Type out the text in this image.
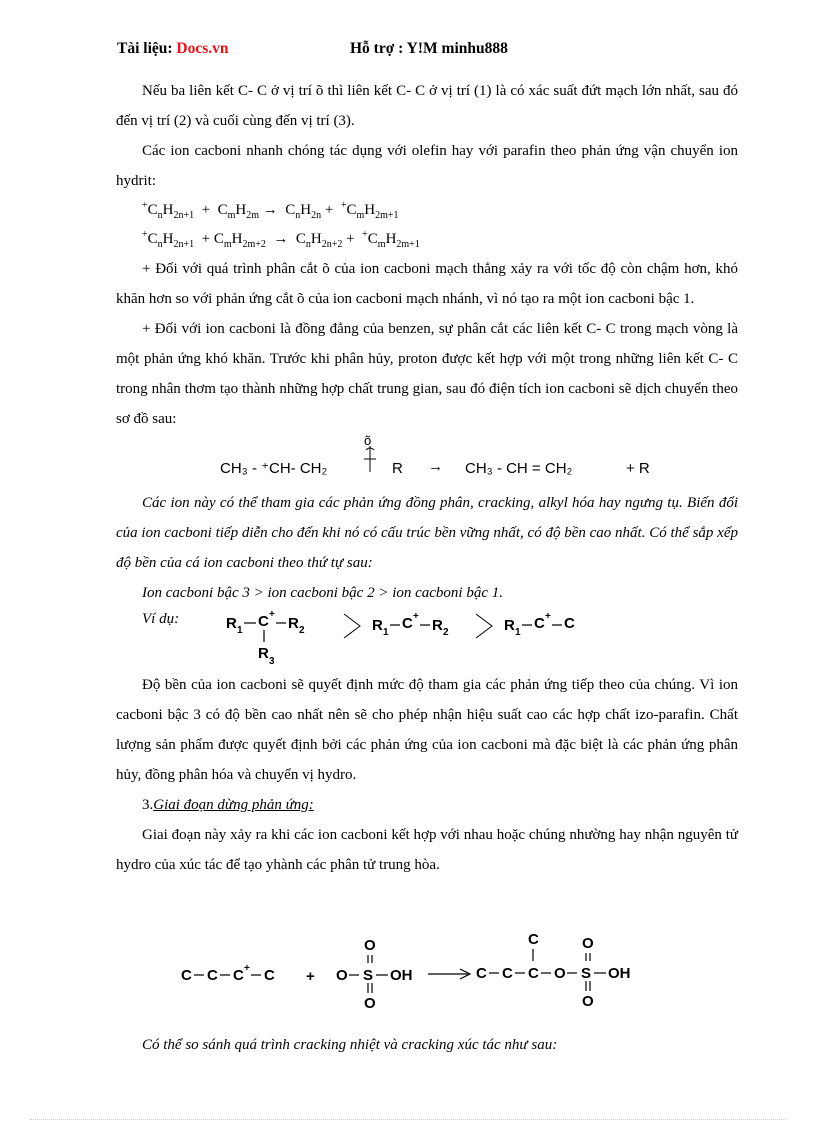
Tài liệu: Docs.vn	Hỗ trợ : Y!M minhu888

Nếu ba liên kết C- C ở vị trí õ thì liên kết C- C ở vị trí (1) là có xác suất đứt mạch lớn nhất, sau đó đến vị trí (2) và cuối cùng đến vị trí (3).

Các ion cacboni nhanh chóng tác dụng với olefin hay với parafin theo phản ứng vận chuyển ion hydrit:

$^+C_nH_{2n+1} + C_mH_{2m} \to C_nH_{2n} + ^+C_mH_{2m+1}$
$^+C_nH_{2n+1} + C_mH_{2m+2} \to C_nH_{2n+2} + ^+C_mH_{2m+1}$

+ Đối với quá trình phân cắt õ của ion cacboni mạch thẳng xảy ra với tốc độ còn chậm hơn, khó khăn hơn so với phản ứng cắt õ của ion cacboni mạch nhánh, vì nó tạo ra một ion cacboni bậc 1.

+ Đối với ion cacboni là đồng đẳng của benzen, sự phân cắt các liên kết C- C trong mạch vòng là một phản ứng khó khăn. Trước khi phân hủy, proton được kết hợp với một trong những liên kết C- C trong nhân thơm tạo thành những hợp chất trung gian, sau đó điện tích ion cacboni sẽ dịch chuyển theo sơ đồ sau:

CH₃ - ⁺CH- CH₂
õ
R → CH₃ - CH = CH₂	+ R

Các ion này có thể tham gia các phản ứng đồng phân, cracking, alkyl hóa hay ngưng tụ. Biến đổi của ion cacboni tiếp diễn cho đến khi nó có cấu trúc bền vững nhất, có độ bền cao nhất. Có thể sắp xếp độ bền của cá ion cacboni theo thứ tự sau:

Ion cacboni bậc 3 > ion cacboni bậc 2 > ion cacboni bậc 1.

Ví dụ:	R 1
C +
R 2
R 3
R 1
C +
R 2	R 1
C + C

Độ bền của ion cacboni sẽ quyết định mức độ tham gia các phản ứng tiếp theo của chúng. Vì ion cacboni bậc 3 có độ bền cao nhất nên sẽ cho phép nhận hiệu suất cao các hợp chất izo-parafin. Chất lượng sản phẩm được quyết định bởi các phản ứng của ion cacboni mà đặc biệt là các phản ứng phân hủy, đồng phân hóa và chuyển vị hydro.

3.Giai đoạn dừng phản ứng:

Giai đoạn này xảy ra khi các ion cacboni kết hợp với nhau hoặc chúng nhường hay nhận nguyên tử hydro của xúc tác để tạo yhành các phân tử trung hòa.

C C C + C + O S
O
O
OH	C C C
C
O S
O
O
OH

Có thể so sánh quá trình cracking nhiệt và cracking xúc tác như sau:
